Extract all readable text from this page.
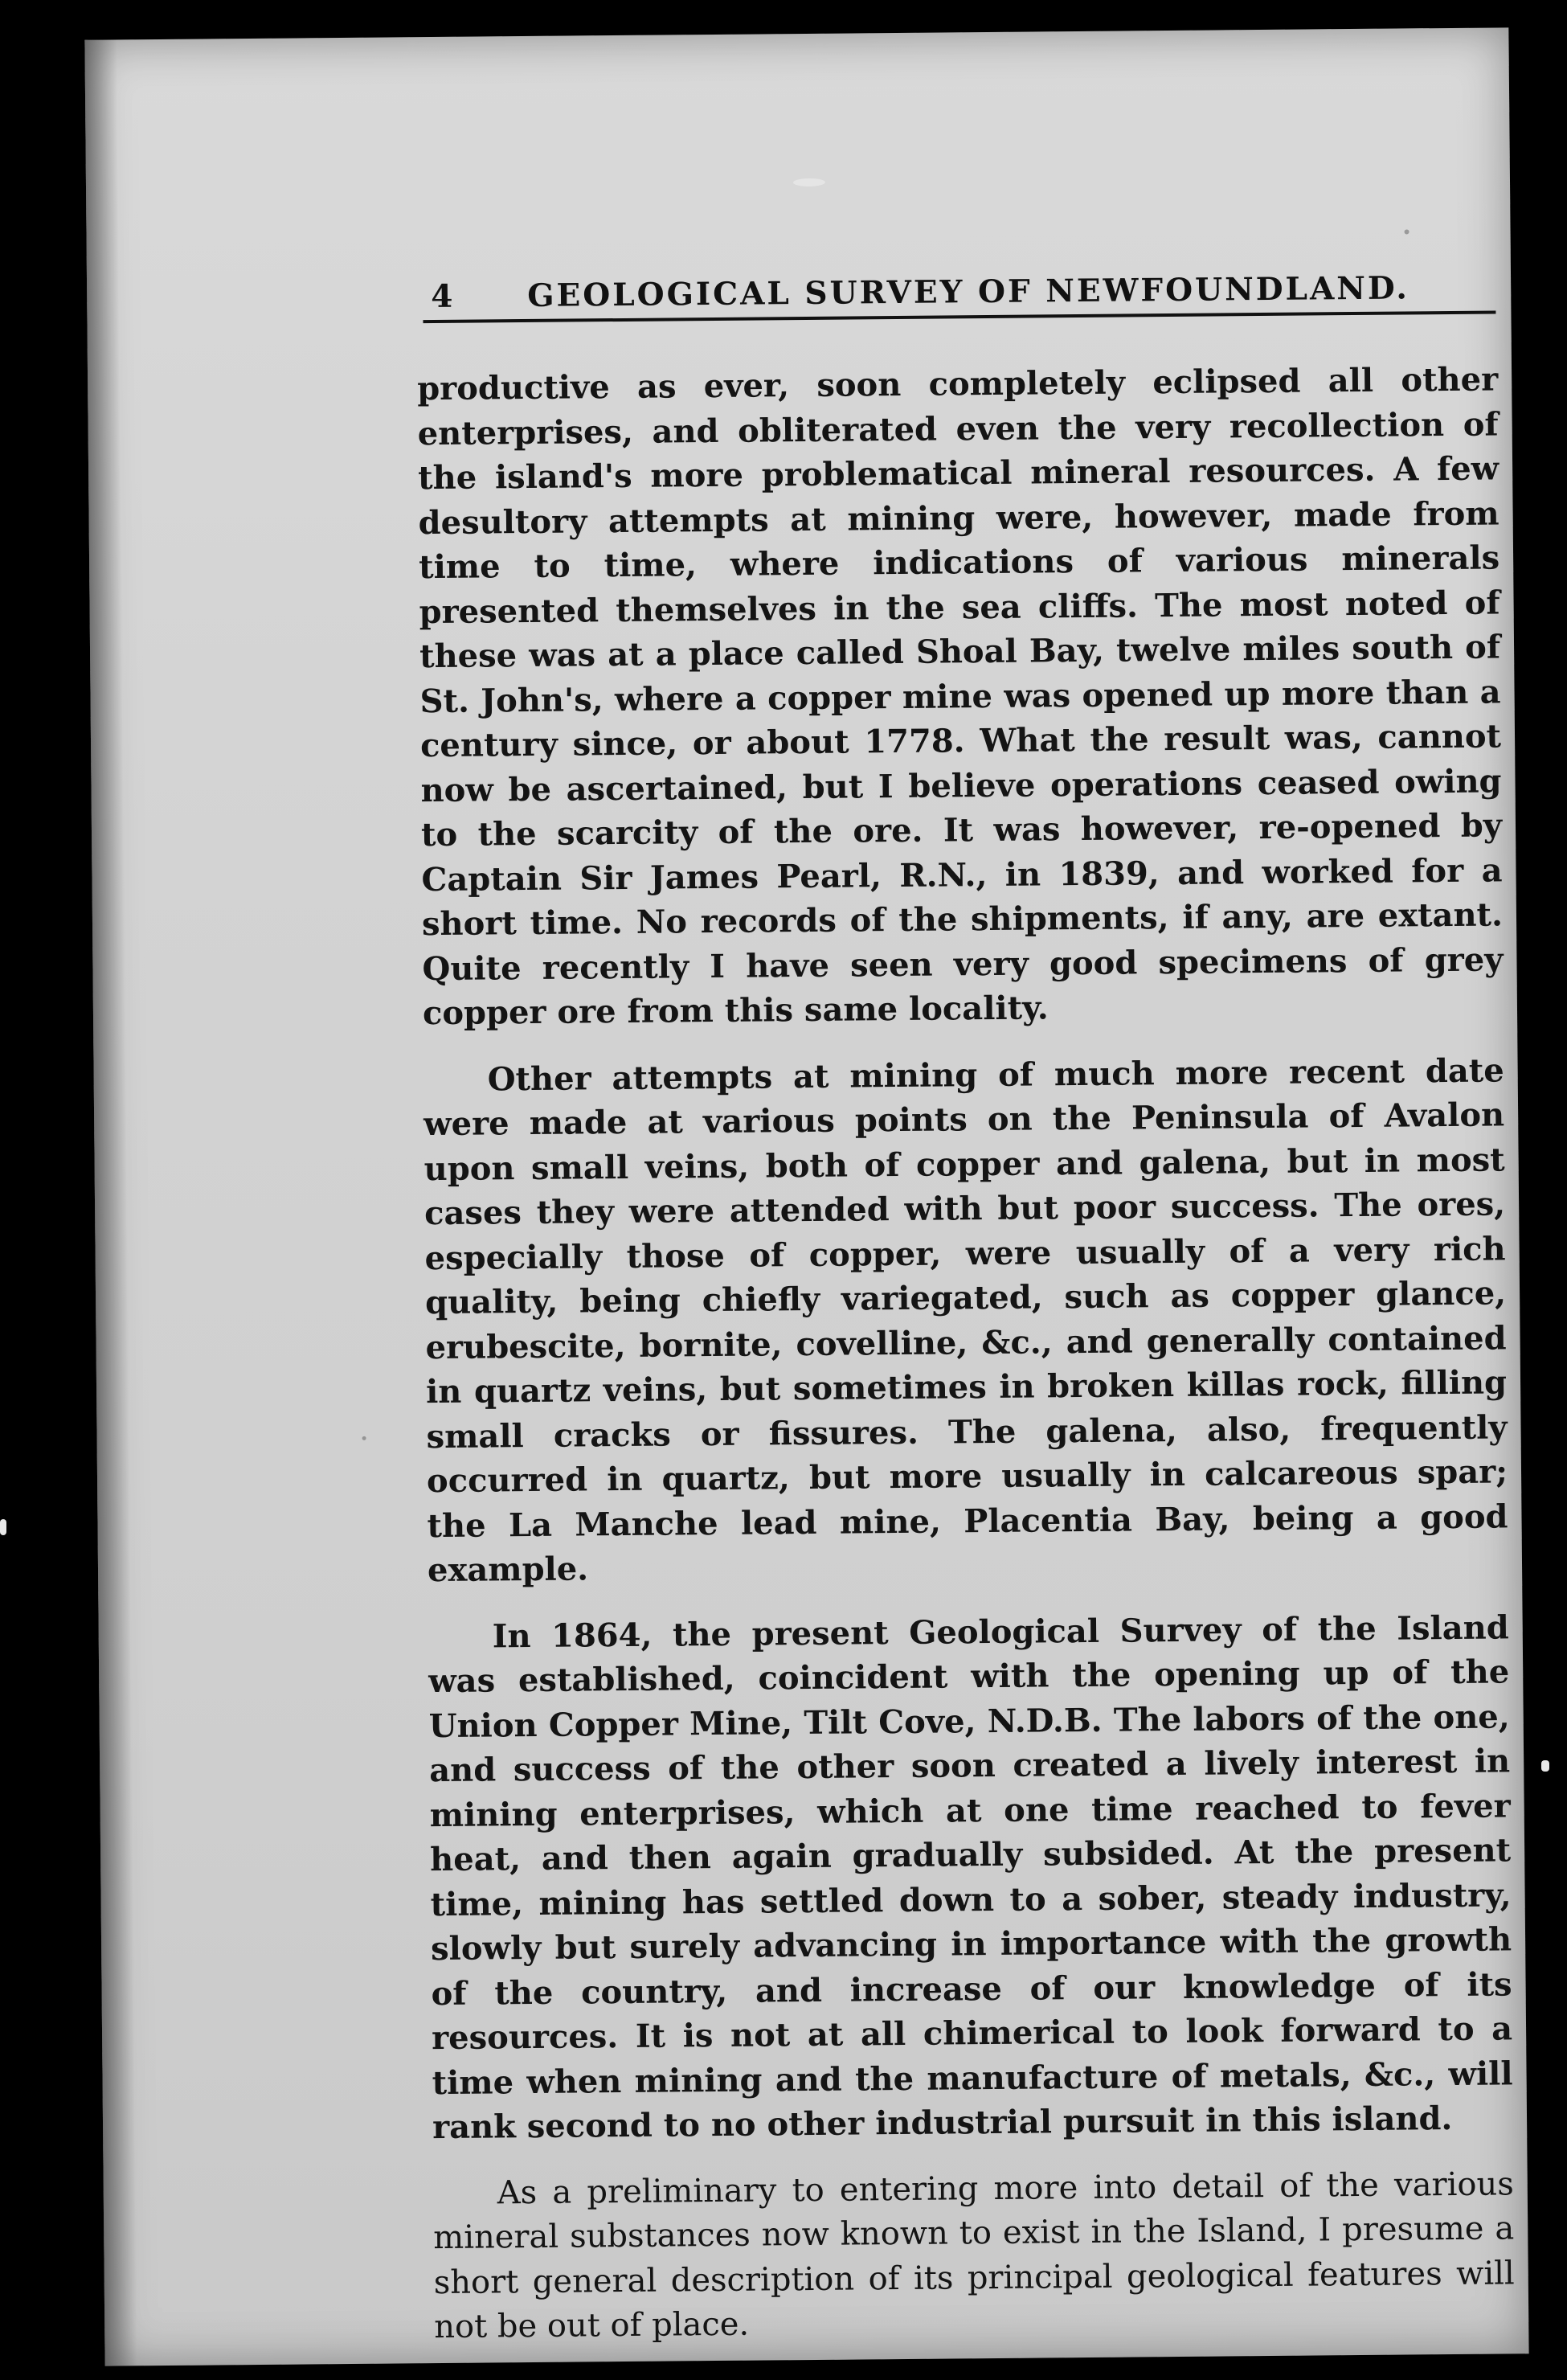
4	GEOLOGICAL SURVEY OF NEWFOUNDLAND.

productive as ever, soon completely eclipsed all other enterprises, and obliterated even the very recollection of the island's more problematical mineral resources. A few desultory attempts at mining were, however, made from time to time, where indications of various minerals presented themselves in the sea cliffs. The most noted of these was at a place called Shoal Bay, twelve miles south of St. John's, where a copper mine was opened up more than a century since, or about 1778. What the result was, cannot now be ascertained, but I believe operations ceased owing to the scarcity of the ore. It was however, re-opened by Captain Sir James Pearl, R.N., in 1839, and worked for a short time. No records of the shipments, if any, are extant. Quite recently I have seen very good specimens of grey copper ore from this same locality.

Other attempts at mining of much more recent date were made at various points on the Peninsula of Avalon upon small veins, both of copper and galena, but in most cases they were attended with but poor success. The ores, especially those of copper, were usually of a very rich quality, being chiefly variegated, such as copper glance, erubescite, bornite, covelline, &c., and generally contained in quartz veins, but sometimes in broken killas rock, filling small cracks or fissures. The galena, also, frequently occurred in quartz, but more usually in calcareous spar; the La Manche lead mine, Placentia Bay, being a good example.

In 1864, the present Geological Survey of the Island was established, coincident with the opening up of the Union Copper Mine, Tilt Cove, N.D.B. The labors of the one, and success of the other soon created a lively interest in mining enterprises, which at one time reached to fever heat, and then again gradually subsided. At the present time, mining has settled down to a sober, steady industry, slowly but surely advancing in importance with the growth of the country, and increase of our knowledge of its resources. It is not at all chimerical to look forward to a time when mining and the manufacture of metals, &c., will rank second to no other industrial pursuit in this island.

As a preliminary to entering more into detail of the various mineral substances now known to exist in the Island, I presume a short general description of its principal geological features will not be out of place.
